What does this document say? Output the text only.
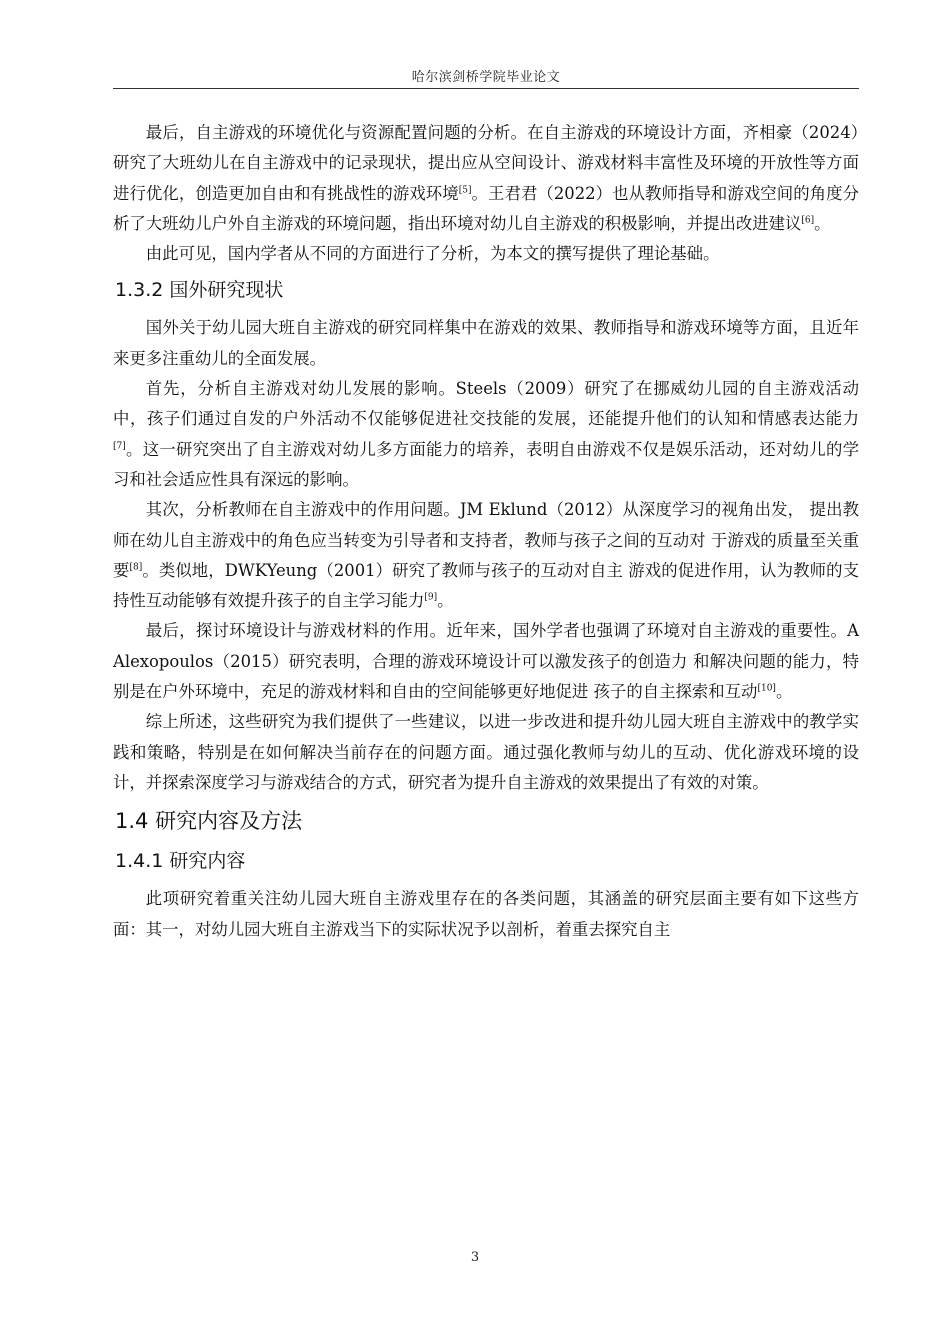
哈尔滨剑桥学院毕业论文

最后，自主游戏的环境优化与资源配置问题的分析。在自主游戏的环境设计方面，齐相豪（2024）研究了大班幼儿在自主游戏中的记录现状，提出应从空间设计、游戏材料丰富性及环境的开放性等方面进行优化，创造更加自由和有挑战性的游戏环境[5]。王君君（2022）也从教师指导和游戏空间的角度分析了大班幼儿户外自主游戏的环境问题，指出环境对幼儿自主游戏的积极影响，并提出改进建议[6]。

由此可见，国内学者从不同的方面进行了分析，为本文的撰写提供了理论基础。

1.3.2 国外研究现状

国外关于幼儿园大班自主游戏的研究同样集中在游戏的效果、教师指导和游戏环境等方面，且近年来更多注重幼儿的全面发展。

首先，分析自主游戏对幼儿发展的影响。Steels（2009）研究了在挪威幼儿园的自主游戏活动中，孩子们通过自发的户外活动不仅能够促进社交技能的发展，还能提升他们的认知和情感表达能力[7]。这一研究突出了自主游戏对幼儿多方面能力的培养，表明自由游戏不仅是娱乐活动，还对幼儿的学习和社会适应性具有深远的影响。

其次，分析教师在自主游戏中的作用问题。JM Eklund（2012）从深度学习的视角出发， 提出教师在幼儿自主游戏中的角色应当转变为引导者和支持者，教师与孩子之间的互动对 于游戏的质量至关重要[8]。类似地，DWKYeung（2001）研究了教师与孩子的互动对自主 游戏的促进作用，认为教师的支持性互动能够有效提升孩子的自主学习能力[9]。

最后，探讨环境设计与游戏材料的作用。近年来，国外学者也强调了环境对自主游戏的重要性。A Alexopoulos（2015）研究表明，合理的游戏环境设计可以激发孩子的创造力 和解决问题的能力，特别是在户外环境中，充足的游戏材料和自由的空间能够更好地促进 孩子的自主探索和互动[10]。

综上所述，这些研究为我们提供了一些建议，以进一步改进和提升幼儿园大班自主游戏中的教学实践和策略，特别是在如何解决当前存在的问题方面。通过强化教师与幼儿的互动、优化游戏环境的设计，并探索深度学习与游戏结合的方式，研究者为提升自主游戏的效果提出了有效的对策。

1.4 研究内容及方法
1.4.1 研究内容

此项研究着重关注幼儿园大班自主游戏里存在的各类问题，其涵盖的研究层面主要有如下这些方面：其一，对幼儿园大班自主游戏当下的实际状况予以剖析，着重去探究自主

3
